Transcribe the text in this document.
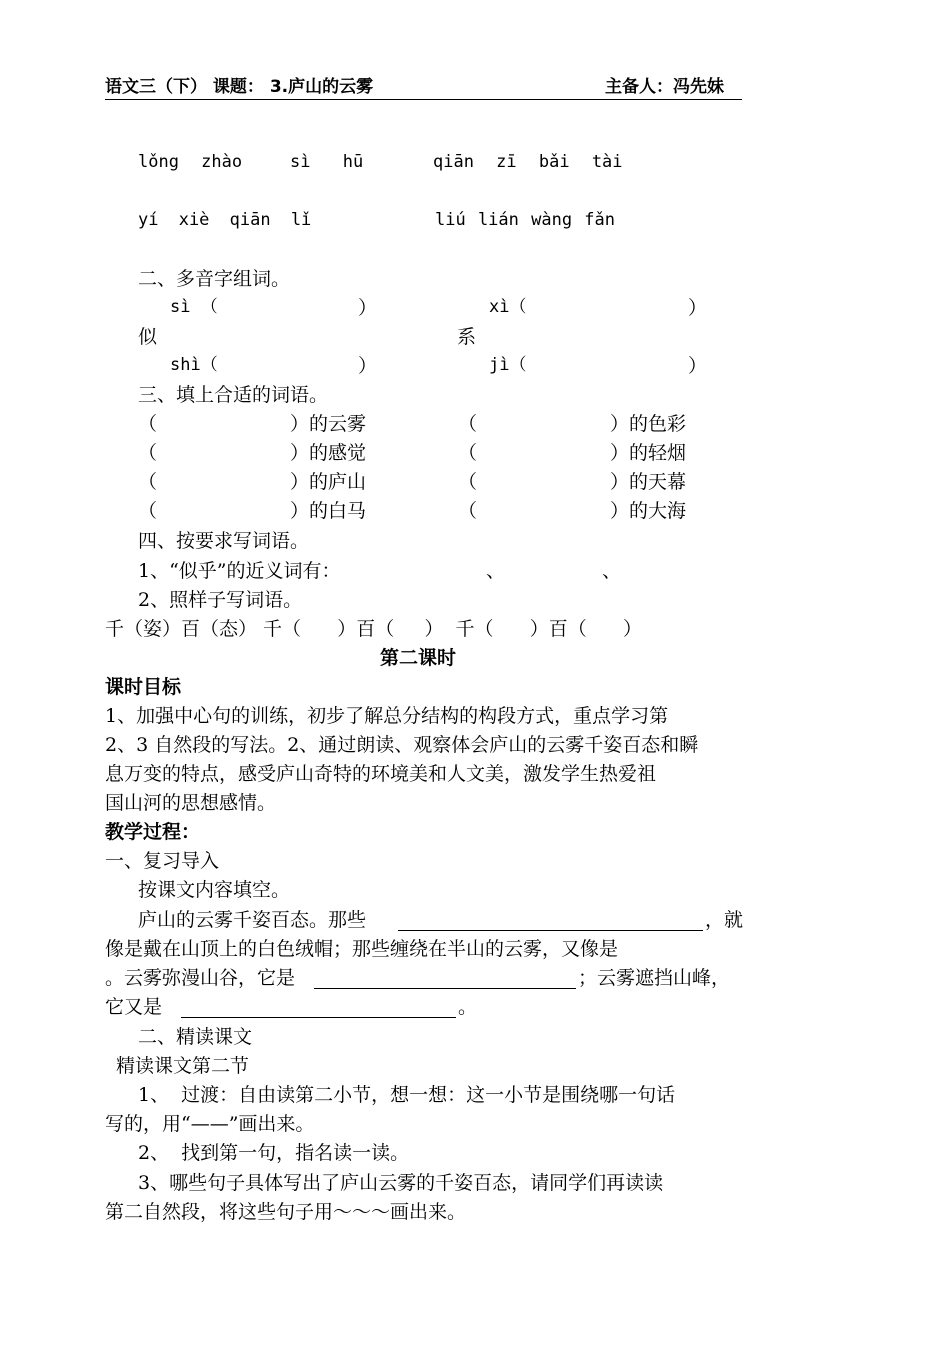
语文三（下） 课题： 3.庐山的云雾	主备人：冯先妹
lǒng zhào	sì hū	qiān zī bǎi tài
yí xiè qiān lǐ	liú lián wàng fǎn
二、多音字组词。
sì （	）	xì（	）
似	系
shì（	）	jì（	）
三、填上合适的词语。
（	）的云雾	（	）的色彩
（	）的感觉	（	）的轻烟
（	）的庐山	（	）的天幕
（	）的白马	（	）的大海
四、按要求写词语。
1、“似乎”的近义词有：	、	、
2、照样子写词语。
千（姿）百（态） 千（      ）百（     ）  千（      ）百（      ）
第二课时
课时目标
1、加强中心句的训练，初步了解总分结构的构段方式，重点学习第
2、3 自然段的写法。2、通过朗读、观察体会庐山的云雾千姿百态和瞬
息万变的特点，感受庐山奇特的环境美和人文美，激发学生热爱祖
国山河的思想感情。
教学过程：
一、复习导入
按课文内容填空。
庐山的云雾千姿百态。那些	，就
像是戴在山顶上的白色绒帽；那些缠绕在半山的云雾，又像是
。云雾弥漫山谷，它是	；云雾遮挡山峰，
它又是	。
二、精读课文
精读课文第二节
1、  过渡：自由读第二小节，想一想：这一小节是围绕哪一句话
写的，用“——”画出来。
2、  找到第一句，指名读一读。
3、哪些句子具体写出了庐山云雾的千姿百态，请同学们再读读
第二自然段，将这些句子用～～～画出来。
